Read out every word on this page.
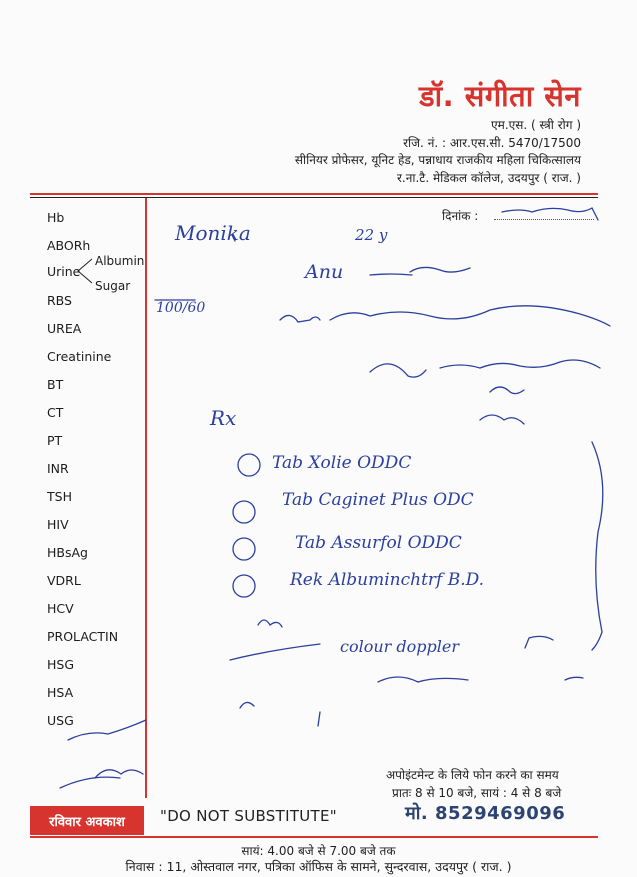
डॉ. संगीता सेन
एम.एस. ( स्त्री रोग )
रजि. नं. : आर.एस.सी. 5470/17500
सीनियर प्रोफेसर, यूनिट हेड, पन्नाधाय राजकीय महिला चिकित्सालय
र.ना.टै. मेडिकल कॉलेज, उदयपुर ( राज. )
दिनांक :
Hb
ABORh
Urine
Albumin
Sugar
RBS
UREA
Creatinine
BT
CT
PT
INR
TSH
HIV
HBsAg
VDRL
HCV
PROLACTIN
HSG
HSA
USG
Monika	22 y
Anu
100/60
Rx
Tab Xolie ODDC
Tab Caginet Plus ODC
Tab Assurfol ODDC
Rek Albuminchtrf B.D.
colour doppler
अपोइंटमेन्ट के लिये फोन करने का समय
प्रातः 8 से 10 बजे, सायं : 4 से 8 बजे
मो. 8529469096
रविवार अवकाश	"DO NOT SUBSTITUTE"
सायं: 4.00 बजे से 7.00 बजे तक
निवास : 11, ओस्तवाल नगर, पत्रिका ऑफिस के सामने, सुन्दरवास, उदयपुर ( राज. )
